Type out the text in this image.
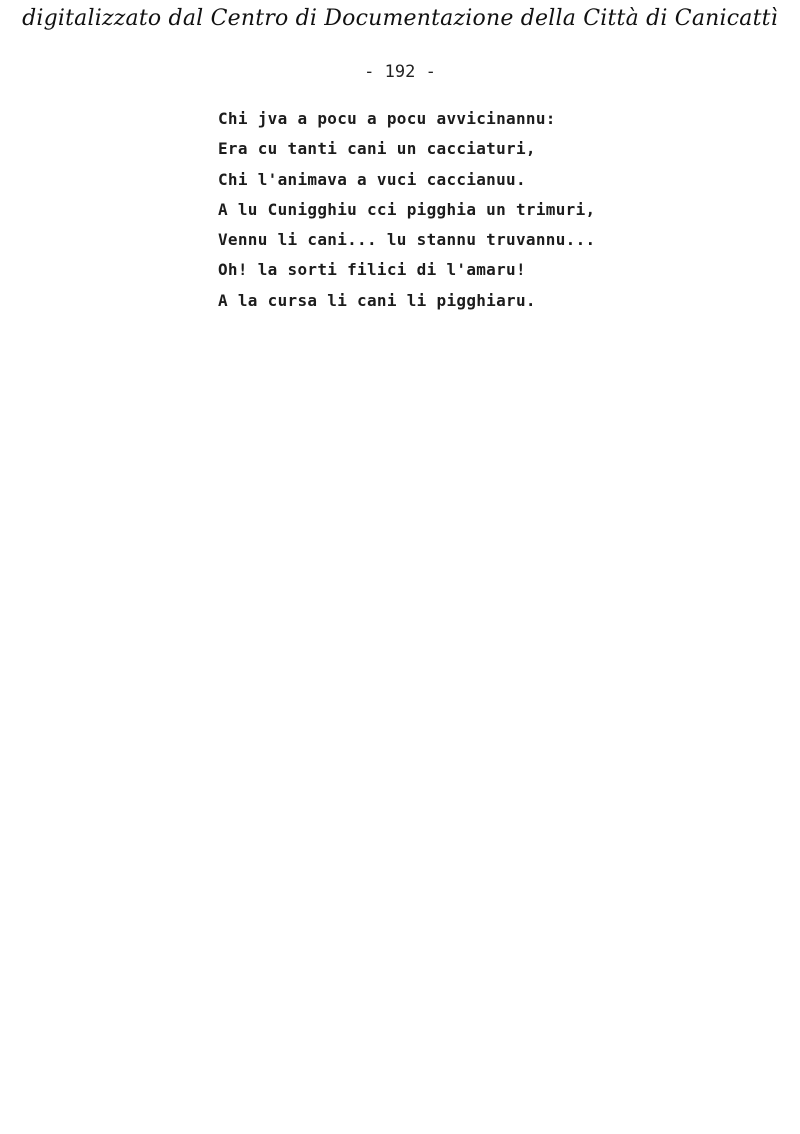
digitalizzato dal Centro di Documentazione della Città di Canicattì
- 192 -
Chi jva a pocu a pocu avvicinannu:
Era cu tanti cani un cacciaturi,
Chi l'animava a vuci caccianuu.
A lu Cunigghiu cci pigghia un trimuri,
Vennu li cani... lu stannu truvannu...
Oh! la sorti filici di l'amaru!
A la cursa li cani li pigghiaru.
